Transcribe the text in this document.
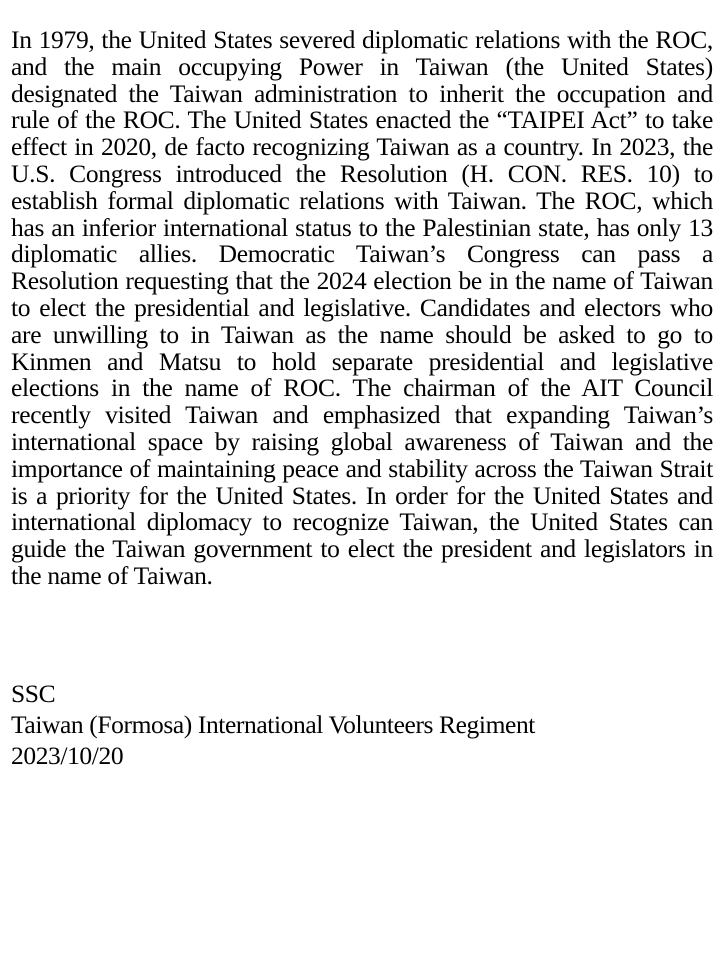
In 1979, the United States severed diplomatic relations with the ROC, and the main occupying Power in Taiwan (the United States) designated the Taiwan administration to inherit the occupation and rule of the ROC. The United States enacted the “TAIPEI Act” to take effect in 2020, de facto recognizing Taiwan as a country. In 2023, the U.S. Congress introduced the Resolution (H. CON. RES. 10) to establish formal diplomatic relations with Taiwan. The ROC, which has an inferior international status to the Palestinian state, has only 13 diplomatic allies. Democratic Taiwan’s Congress can pass a Resolution requesting that the 2024 election be in the name of Taiwan to elect the presidential and legislative. Candidates and electors who are unwilling to in Taiwan as the name should be asked to go to Kinmen and Matsu to hold separate presidential and legislative elections in the name of ROC. The chairman of the AIT Council recently visited Taiwan and emphasized that expanding Taiwan’s international space by raising global awareness of Taiwan and the importance of maintaining peace and stability across the Taiwan Strait is a priority for the United States. In order for the United States and international diplomacy to recognize Taiwan, the United States can guide the Taiwan government to elect the president and legislators in the name of Taiwan.

SSC
Taiwan (Formosa) International Volunteers Regiment
2023/10/20
